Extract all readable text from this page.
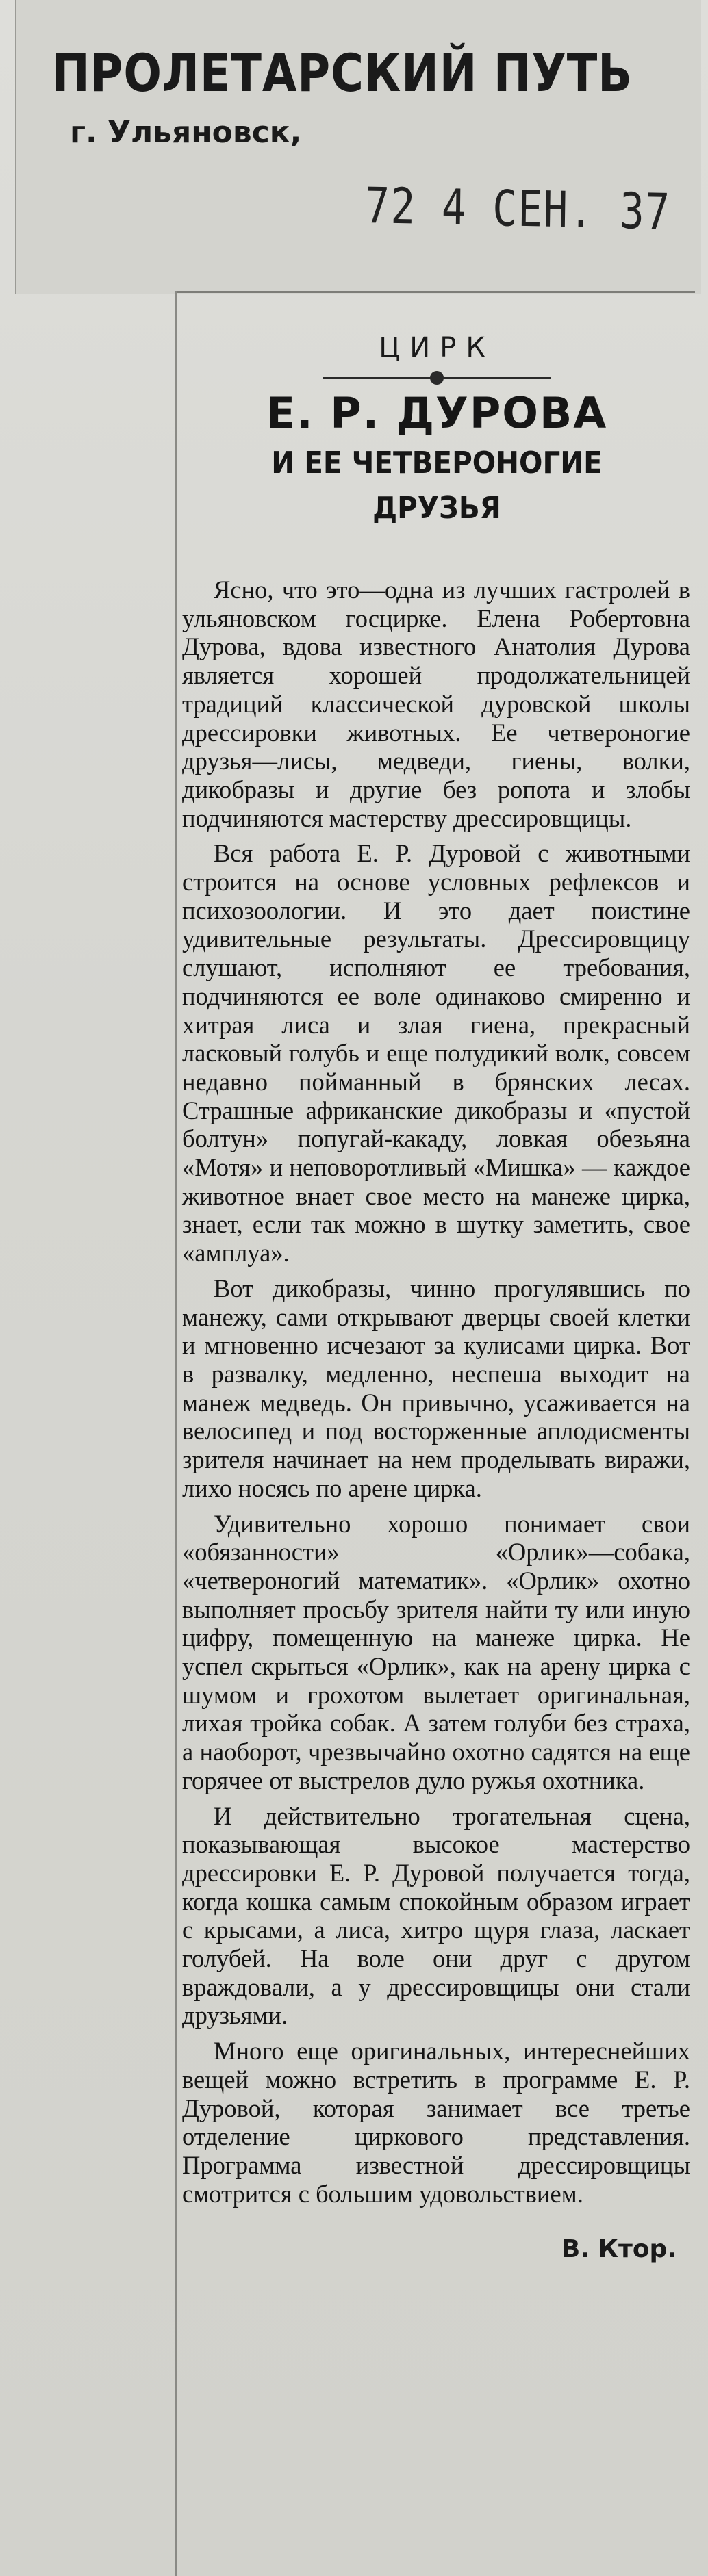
ПРОЛЕТАРСКИЙ ПУТЬ
г. Ульяновск,
72 4 СЕН. 37
ЦИРК
Е. Р. ДУРОВА
И ЕЕ ЧЕТВЕРОНОГИЕ
ДРУЗЬЯ

Ясно, что это—одна из лучших гастролей в ульяновском госцирке. Елена Робертовна Дурова, вдова известного Анатолия Дурова является хорошей продолжательницей традиций классической дуровской школы дрессировки животных. Ее четвероногие друзья—лисы, медведи, гиены, волки, дикобразы и другие без ропота и злобы подчиняются мастерству дрессировщицы.

Вся работа Е. Р. Дуровой с животными строится на основе условных рефлексов и психозоологии. И это дает поистине удивительные результаты. Дрессировщицу слушают, исполняют ее требования, подчиняются ее воле одинаково смиренно и хитрая лиса и злая гиена, прекрасный ласковый голубь и еще полудикий волк, совсем недавно пойманный в брянских лесах. Страшные африканские дикобразы и «пустой болтун» попугай-какаду, ловкая обезьяна «Мотя» и неповоротливый «Мишка» — каждое животное внает свое место на манеже цирка, знает, если так можно в шутку заметить, свое «амплуа».

Вот дикобразы, чинно прогулявшись по манежу, сами открывают дверцы своей клетки и мгновенно исчезают за кулисами цирка. Вот в развалку, медленно, неспеша выходит на манеж медведь. Он привычно, усаживается на велосипед и под восторженные аплодисменты зрителя начинает на нем проделывать виражи, лихо носясь по арене цирка.

Удивительно хорошо понимает свои «обязанности» «Орлик»—собака, «четвероногий математик». «Орлик» охотно выполняет просьбу зрителя найти ту или иную цифру, помещенную на манеже цирка. Не успел скрыться «Орлик», как на арену цирка с шумом и грохотом вылетает оригинальная, лихая тройка собак. А затем голуби без страха, а наоборот, чрезвычайно охотно садятся на еще горячее от выстрелов дуло ружья охотника.

И действительно трогательная сцена, показывающая высокое мастерство дрессировки Е. Р. Дуровой получается тогда, когда кошка самым спокойным образом играет с крысами, а лиса, хитро щуря глаза, ласкает голубей. На воле они друг с другом враждовали, а у дрессировщицы они стали друзьями.

Много еще оригинальных, интереснейших вещей можно встретить в программе Е. Р. Дуровой, которая занимает все третье отделение циркового представления. Программа известной дрессировщицы смотрится с большим удовольствием.

В. Ктор.
